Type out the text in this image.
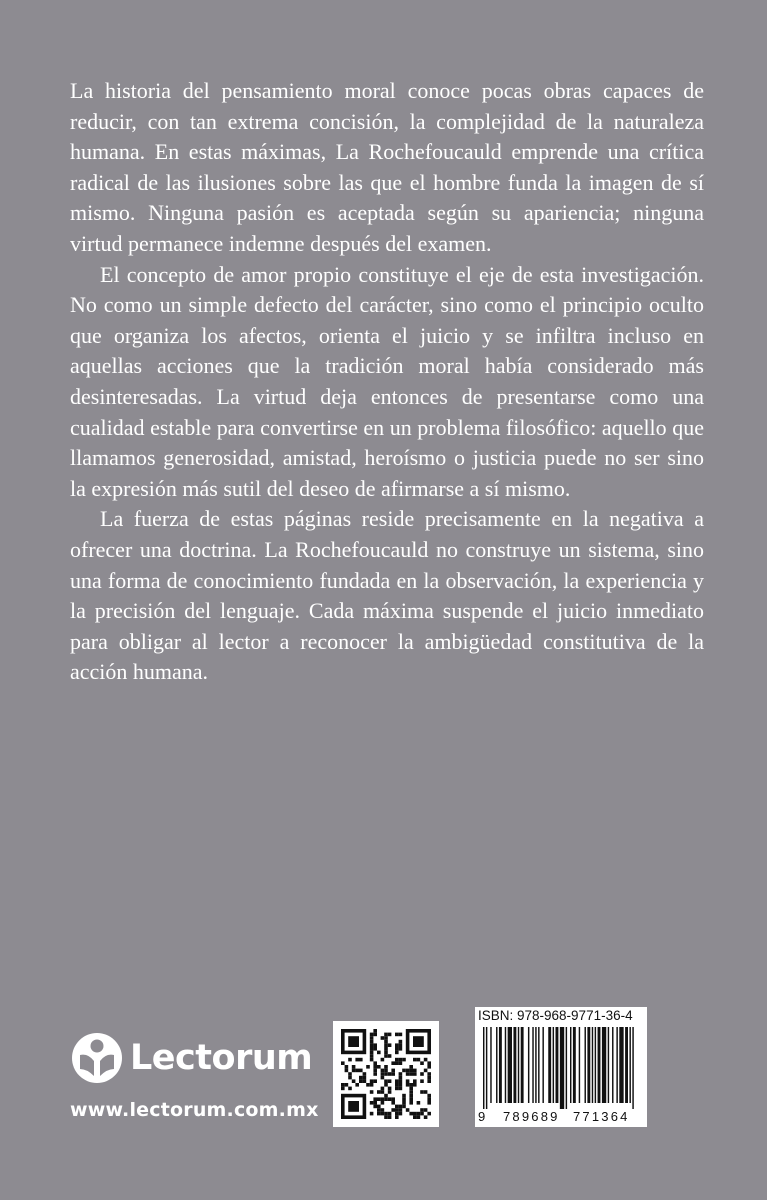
La historia del pensamiento moral conoce pocas obras capaces de reducir, con tan extrema concisión, la complejidad de la naturaleza humana. En estas máximas, La Rochefoucauld emprende una crítica radical de las ilusiones sobre las que el hombre funda la imagen de sí mismo. Ninguna pasión es aceptada según su apariencia; ninguna virtud permanece indemne después del examen.

El concepto de amor propio constituye el eje de esta investigación. No como un simple defecto del carácter, sino como el principio oculto que organiza los afectos, orienta el juicio y se infiltra incluso en aquellas acciones que la tradición moral había considerado más desinteresadas. La virtud deja entonces de presentarse como una cualidad estable para convertirse en un problema filosófico: aquello que llamamos generosidad, amistad, heroísmo o justicia puede no ser sino la expresión más sutil del deseo de afirmarse a sí mismo.

La fuerza de estas páginas reside precisamente en la negativa a ofrecer una doctrina. La Rochefoucauld no construye un sistema, sino una forma de conocimiento fundada en la observación, la experiencia y la precisión del lenguaje. Cada máxima suspende el juicio inmediato para obligar al lector a reconocer la ambigüedad constitutiva de la acción humana.

Lectorum
www.lectorum.com.mx
ISBN: 978-968-9771-36-4
9 789689 771364
